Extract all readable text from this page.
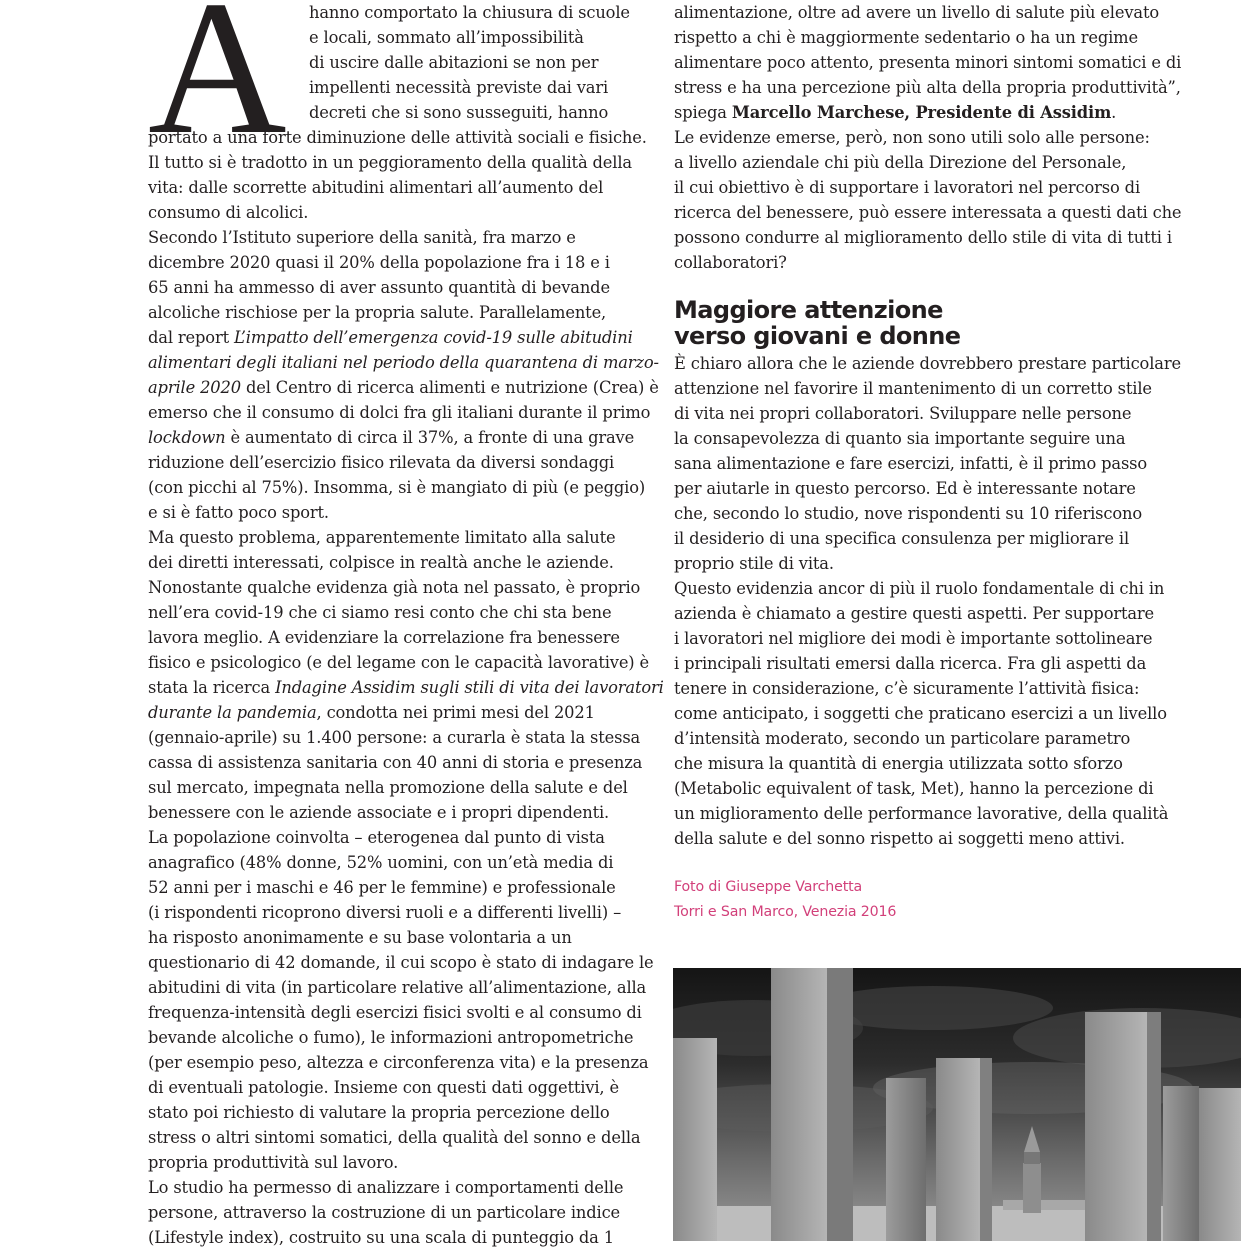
A	hanno comportato la chiusura di scuole
e locali, sommato all’impossibilità
di uscire dalle abitazioni se non per
impellenti necessità previste dai vari
decreti che si sono susseguiti, hanno
portato a una forte diminuzione delle attività sociali e fisiche.
Il tutto si è tradotto in un peggioramento della qualità della
vita: dalle scorrette abitudini alimentari all’aumento del
consumo di alcolici.
Secondo l’Istituto superiore della sanità, fra marzo e
dicembre 2020 quasi il 20% della popolazione fra i 18 e i
65 anni ha ammesso di aver assunto quantità di bevande
alcoliche rischiose per la propria salute. Parallelamente,
dal report L’impatto dell’emergenza covid-19 sulle abitudini
alimentari degli italiani nel periodo della quarantena di marzo-
aprile 2020 del Centro di ricerca alimenti e nutrizione (Crea) è
emerso che il consumo di dolci fra gli italiani durante il primo
lockdown è aumentato di circa il 37%, a fronte di una grave
riduzione dell’esercizio fisico rilevata da diversi sondaggi
(con picchi al 75%). Insomma, si è mangiato di più (e peggio)
e si è fatto poco sport.
Ma questo problema, apparentemente limitato alla salute
dei diretti interessati, colpisce in realtà anche le aziende.
Nonostante qualche evidenza già nota nel passato, è proprio
nell’era covid-19 che ci siamo resi conto che chi sta bene
lavora meglio. A evidenziare la correlazione fra benessere
fisico e psicologico (e del legame con le capacità lavorative) è
stata la ricerca Indagine Assidim sugli stili di vita dei lavoratori
durante la pandemia, condotta nei primi mesi del 2021
(gennaio-aprile) su 1.400 persone: a curarla è stata la stessa
cassa di assistenza sanitaria con 40 anni di storia e presenza
sul mercato, impegnata nella promozione della salute e del
benessere con le aziende associate e i propri dipendenti.
La popolazione coinvolta – eterogenea dal punto di vista
anagrafico (48% donne, 52% uomini, con un’età media di
52 anni per i maschi e 46 per le femmine) e professionale
(i rispondenti ricoprono diversi ruoli e a differenti livelli) –
ha risposto anonimamente e su base volontaria a un
questionario di 42 domande, il cui scopo è stato di indagare le
abitudini di vita (in particolare relative all’alimentazione, alla
frequenza-intensità degli esercizi fisici svolti e al consumo di
bevande alcoliche o fumo), le informazioni antropometriche
(per esempio peso, altezza e circonferenza vita) e la presenza
di eventuali patologie. Insieme con questi dati oggettivi, è
stato poi richiesto di valutare la propria percezione dello
stress o altri sintomi somatici, della qualità del sonno e della
propria produttività sul lavoro.
Lo studio ha permesso di analizzare i comportamenti delle
persone, attraverso la costruzione di un particolare indice
(Lifestyle index), costruito su una scala di punteggio da 1
alimentazione, oltre ad avere un livello di salute più elevato
rispetto a chi è maggiormente sedentario o ha un regime
alimentare poco attento, presenta minori sintomi somatici e di
stress e ha una percezione più alta della propria produttività”,
spiega Marcello Marchese, Presidente di Assidim.
Le evidenze emerse, però, non sono utili solo alle persone:
a livello aziendale chi più della Direzione del Personale,
il cui obiettivo è di supportare i lavoratori nel percorso di
ricerca del benessere, può essere interessata a questi dati che
possono condurre al miglioramento dello stile di vita di tutti i
collaboratori?
Maggiore attenzione
verso giovani e donne
È chiaro allora che le aziende dovrebbero prestare particolare
attenzione nel favorire il mantenimento di un corretto stile
di vita nei propri collaboratori. Sviluppare nelle persone
la consapevolezza di quanto sia importante seguire una
sana alimentazione e fare esercizi, infatti, è il primo passo
per aiutarle in questo percorso. Ed è interessante notare
che, secondo lo studio, nove rispondenti su 10 riferiscono
il desiderio di una specifica consulenza per migliorare il
proprio stile di vita.
Questo evidenzia ancor di più il ruolo fondamentale di chi in
azienda è chiamato a gestire questi aspetti. Per supportare
i lavoratori nel migliore dei modi è importante sottolineare
i principali risultati emersi dalla ricerca. Fra gli aspetti da
tenere in considerazione, c’è sicuramente l’attività fisica:
come anticipato, i soggetti che praticano esercizi a un livello
d’intensità moderato, secondo un particolare parametro
che misura la quantità di energia utilizzata sotto sforzo
(Metabolic equivalent of task, Met), hanno la percezione di
un miglioramento delle performance lavorative, della qualità
della salute e del sonno rispetto ai soggetti meno attivi.
Foto di Giuseppe Varchetta
Torri e San Marco, Venezia 2016
